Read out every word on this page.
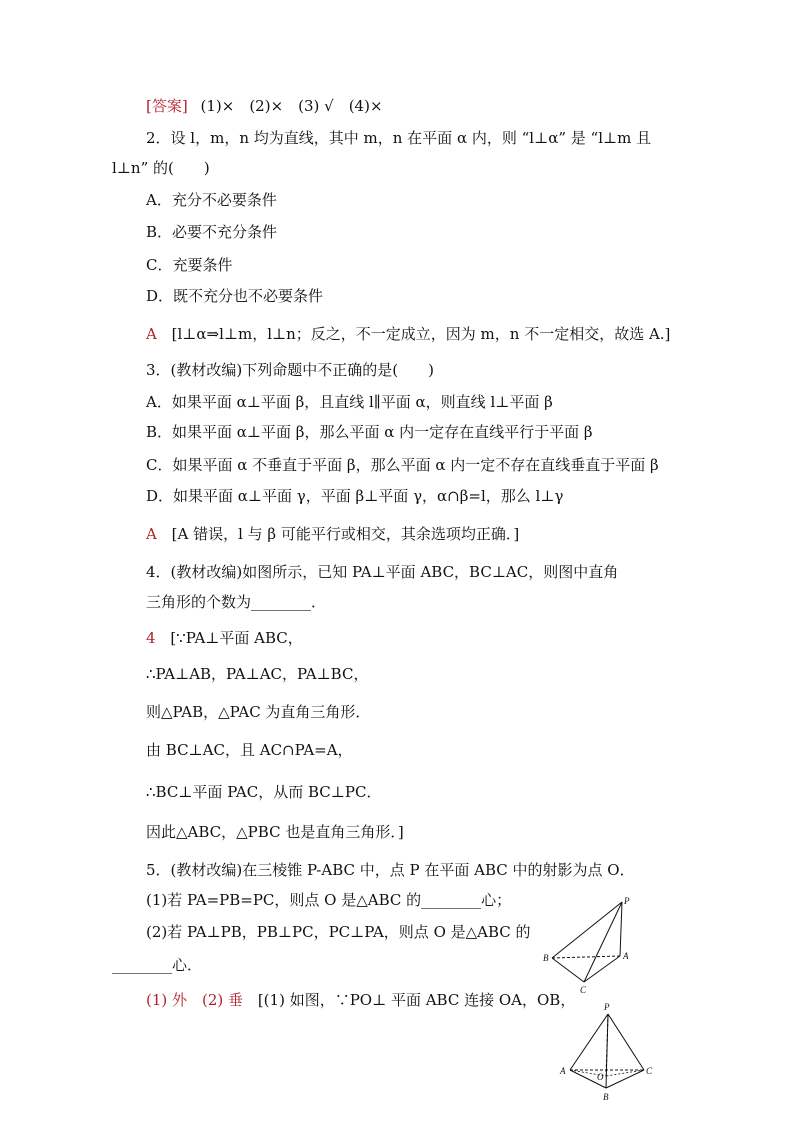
[答案] (1)×　(2)×　(3) √　(4)×
2．设 l，m，n 均为直线，其中 m，n 在平面 α 内，则 “l⊥α” 是 “l⊥m 且
l⊥n” 的(　　)
A．充分不必要条件
B．必要不充分条件
C．充要条件
D．既不充分也不必要条件
A [l⊥α⇒l⊥m，l⊥n；反之，不一定成立，因为 m，n 不一定相交，故选 A.]
3．(教材改编)下列命题中不正确的是(　　)
A．如果平面 α⊥平面 β，且直线 l∥平面 α，则直线 l⊥平面 β
B．如果平面 α⊥平面 β，那么平面 α 内一定存在直线平行于平面 β
C．如果平面 α 不垂直于平面 β，那么平面 α 内一定不存在直线垂直于平面 β
D．如果平面 α⊥平面 γ，平面 β⊥平面 γ，α∩β=l，那么 l⊥γ
A [A 错误，l 与 β 可能平行或相交，其余选项均正确．]
4．(教材改编)如图所示，已知 PA⊥平面 ABC，BC⊥AC，则图中直角
三角形的个数为________．
4 [∵PA⊥平面 ABC，
∴PA⊥AB，PA⊥AC，PA⊥BC，
则△PAB，△PAC 为直角三角形．
由 BC⊥AC，且 AC∩PA=A，
∴BC⊥平面 PAC，从而 BC⊥PC．
因此△ABC，△PBC 也是直角三角形．]
5．(教材改编)在三棱锥 P-ABC 中，点 P 在平面 ABC 中的射影为点 O．
(1)若 PA=PB=PC，则点 O 是△ABC 的________心；
(2)若 PA⊥PB，PB⊥PC，PC⊥PA，则点 O 是△ABC 的
________心．
(1) 外　(2) 垂 [(1) 如图，∵PO⊥ 平面 ABC 连接 OA，OB，
P
B	A
C
P
A
O
C
B
